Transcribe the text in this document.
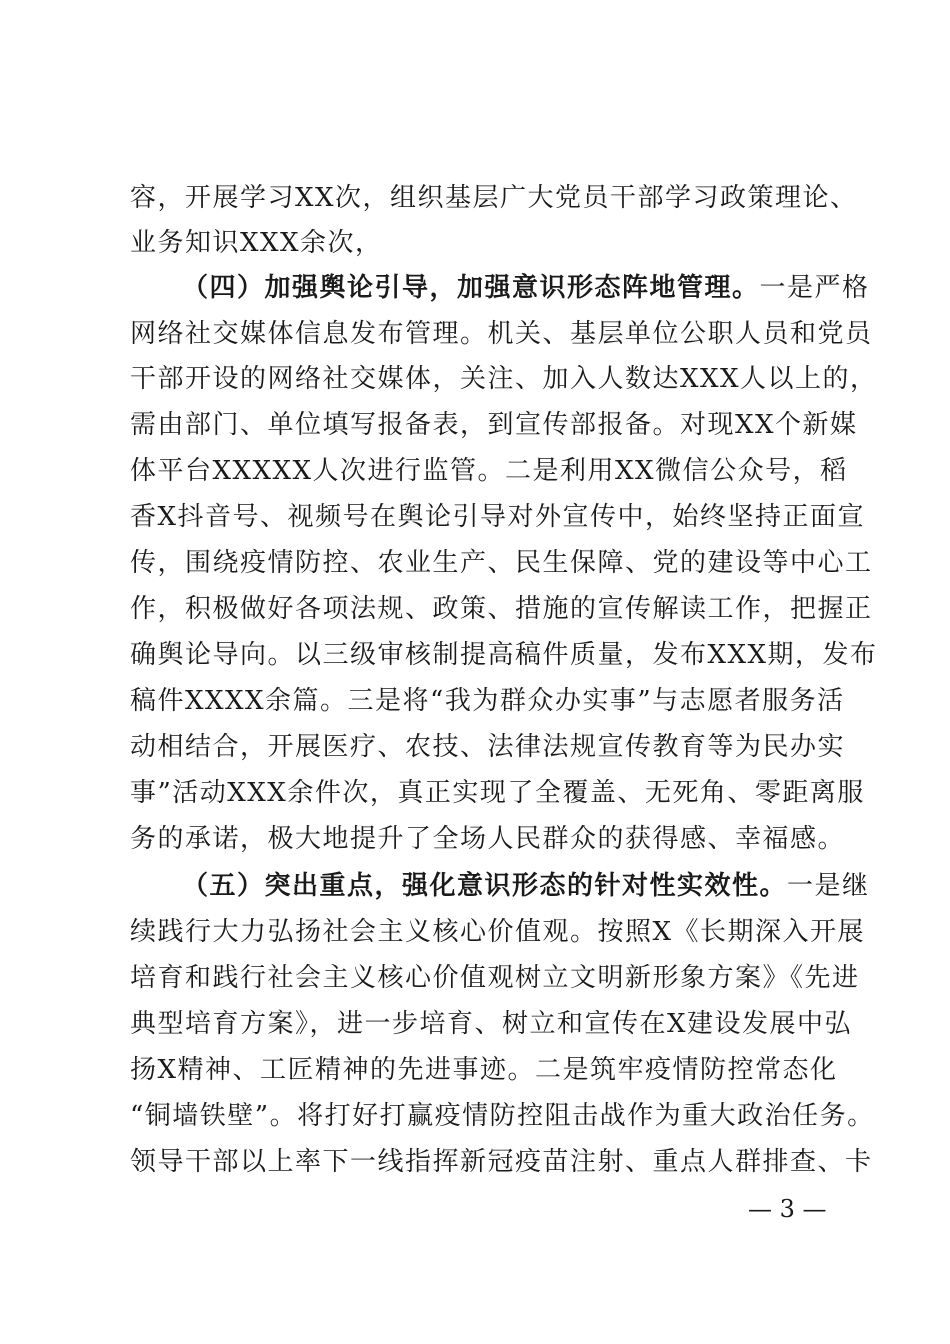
容，开展学习XX次，组织基层广大党员干部学习政策理论、
业务知识XXX余次，
（四）加强舆论引导，加强意识形态阵地管理。一是严格
网络社交媒体信息发布管理。机关、基层单位公职人员和党员
干部开设的网络社交媒体，关注、加入人数达XXX人以上的，
需由部门、单位填写报备表，到宣传部报备。对现XX个新媒
体平台XXXXX人次进行监管。二是利用XX微信公众号，稻
香X抖音号、视频号在舆论引导对外宣传中，始终坚持正面宣
传，围绕疫情防控、农业生产、民生保障、党的建设等中心工
作，积极做好各项法规、政策、措施的宣传解读工作，把握正
确舆论导向。以三级审核制提高稿件质量，发布XXX期，发布
稿件XXXX余篇。三是将“我为群众办实事”与志愿者服务活
动相结合，开展医疗、农技、法律法规宣传教育等为民办实
事”活动XXX余件次，真正实现了全覆盖、无死角、零距离服
务的承诺，极大地提升了全场人民群众的获得感、幸福感。
（五）突出重点，强化意识形态的针对性实效性。一是继
续践行大力弘扬社会主义核心价值观。按照X《长期深入开展
培育和践行社会主义核心价值观树立文明新形象方案》《先进
典型培育方案》，进一步培育、树立和宣传在X建设发展中弘
扬X精神、工匠精神的先进事迹。二是筑牢疫情防控常态化
“铜墙铁壁”。将打好打赢疫情防控阻击战作为重大政治任务。
领导干部以上率下一线指挥新冠疫苗注射、重点人群排查、卡
— 3 —
